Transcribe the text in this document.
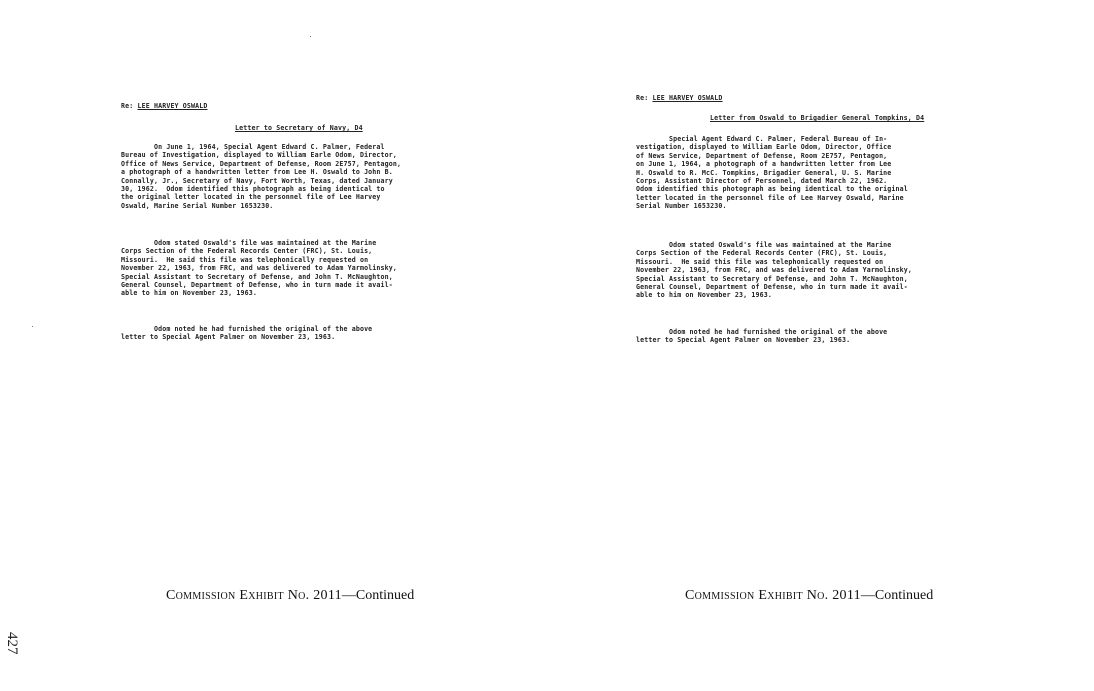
Re: LEE HARVEY OSWALD
Letter to Secretary of Navy, D4
On June 1, 1964, Special Agent Edward C. Palmer, Federal
Bureau of Investigation, displayed to William Earle Odom, Director,
Office of News Service, Department of Defense, Room 2E757, Pentagon,
a photograph of a handwritten letter from Lee H. Oswald to John B.
Connally, Jr., Secretary of Navy, Fort Worth, Texas, dated January
30, 1962.  Odom identified this photograph as being identical to
the original letter located in the personnel file of Lee Harvey
Oswald, Marine Serial Number 1653230.
Odom stated Oswald's file was maintained at the Marine
Corps Section of the Federal Records Center (FRC), St. Louis,
Missouri.  He said this file was telephonically requested on
November 22, 1963, from FRC, and was delivered to Adam Yarmolinsky,
Special Assistant to Secretary of Defense, and John T. McNaughton,
General Counsel, Department of Defense, who in turn made it avail-
able to him on November 23, 1963.
Odom noted he had furnished the original of the above
letter to Special Agent Palmer on November 23, 1963.
Commission Exhibit No. 2011—Continued
Re: LEE HARVEY OSWALD
Letter from Oswald to Brigadier General Tompkins, D4
Special Agent Edward C. Palmer, Federal Bureau of In-
vestigation, displayed to William Earle Odom, Director, Office
of News Service, Department of Defense, Room 2E757, Pentagon,
on June 1, 1964, a photograph of a handwritten letter from Lee
H. Oswald to R. McC. Tompkins, Brigadier General, U. S. Marine
Corps, Assistant Director of Personnel, dated March 22, 1962.
Odom identified this photograph as being identical to the original
letter located in the personnel file of Lee Harvey Oswald, Marine
Serial Number 1653230.
Odom stated Oswald's file was maintained at the Marine
Corps Section of the Federal Records Center (FRC), St. Louis,
Missouri.  He said this file was telephonically requested on
November 22, 1963, from FRC, and was delivered to Adam Yarmolinsky,
Special Assistant to Secretary of Defense, and John T. McNaughton,
General Counsel, Department of Defense, who in turn made it avail-
able to him on November 23, 1963.
Odom noted he had furnished the original of the above
letter to Special Agent Palmer on November 23, 1963.
Commission Exhibit No. 2011—Continued
427
